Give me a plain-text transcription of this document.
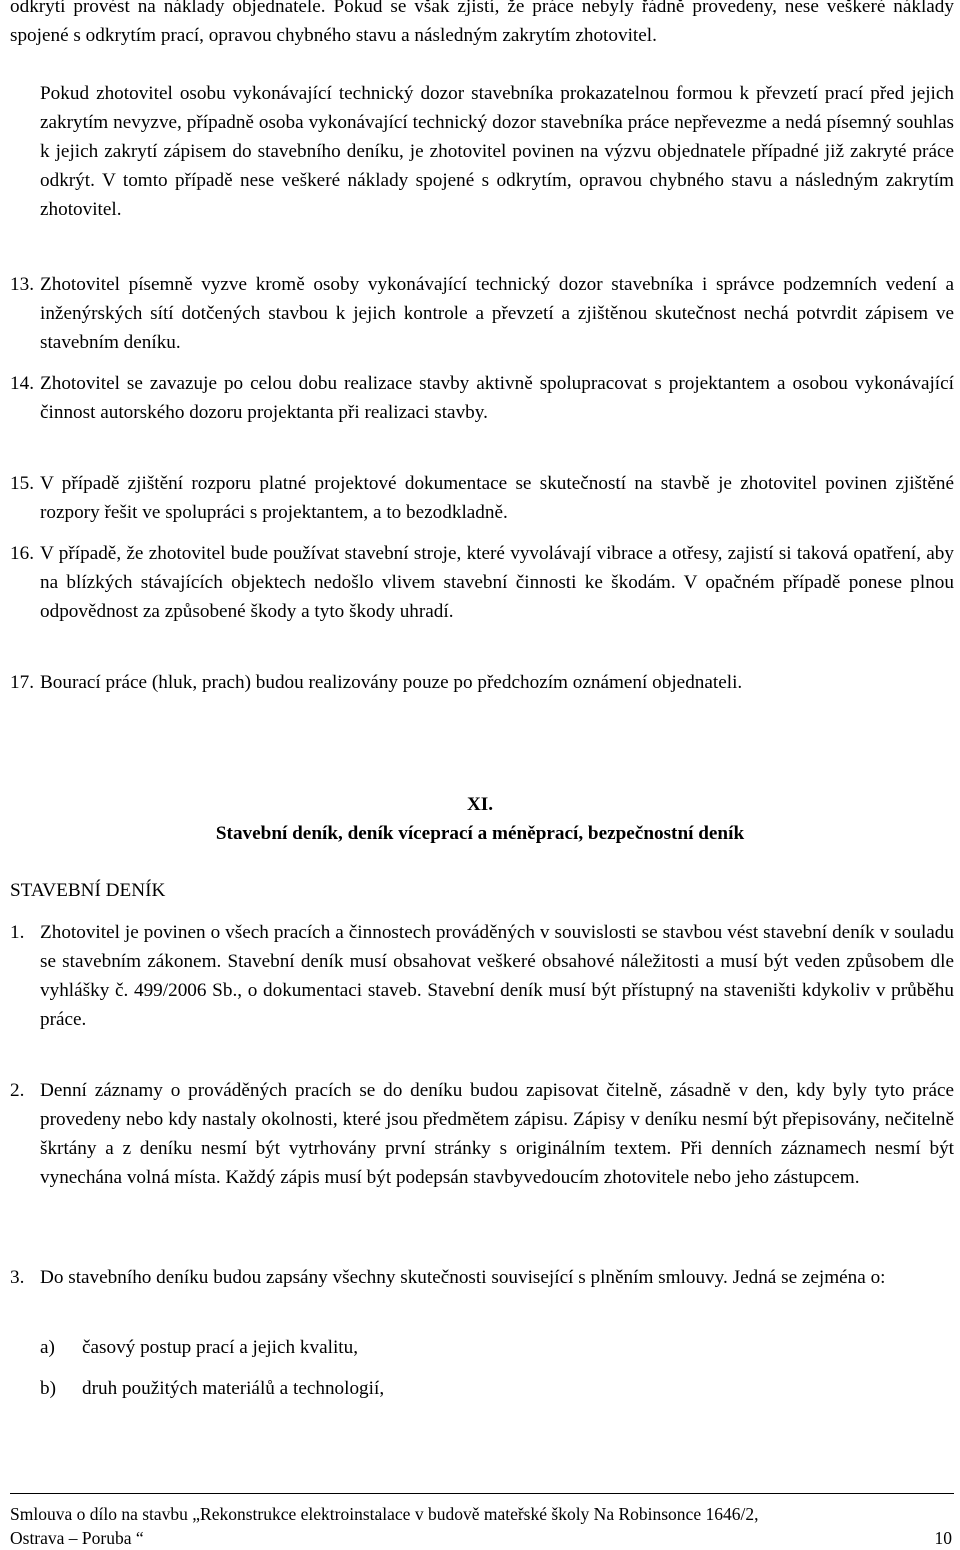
odkrytí provést na náklady objednatele. Pokud se však zjistí, že práce nebyly řádně provedeny, nese veškeré náklady spojené s odkrytím prací, opravou chybného stavu a následným zakrytím zhotovitel.

Pokud zhotovitel osobu vykonávající technický dozor stavebníka prokazatelnou formou k převzetí prací před jejich zakrytím nevyzve, případně osoba vykonávající technický dozor stavebníka práce nepřevezme a nedá písemný souhlas k jejich zakrytí zápisem do stavebního deníku, je zhotovitel povinen na výzvu objednatele případné již zakryté práce odkrýt. V tomto případě nese veškeré náklady spojené s odkrytím, opravou chybného stavu a následným zakrytím zhotovitel.

13. Zhotovitel písemně vyzve kromě osoby vykonávající technický dozor stavebníka i správce podzemních vedení a inženýrských sítí dotčených stavbou k jejich kontrole a převzetí a zjištěnou skutečnost nechá potvrdit zápisem ve stavebním deníku.

14. Zhotovitel se zavazuje po celou dobu realizace stavby aktivně spolupracovat s projektantem a osobou vykonávající činnost autorského dozoru projektanta při realizaci stavby.

15. V případě zjištění rozporu platné projektové dokumentace se skutečností na stavbě je zhotovitel povinen zjištěné rozpory řešit ve spolupráci s projektantem, a to bezodkladně.

16. V případě, že zhotovitel bude používat stavební stroje, které vyvolávají vibrace a otřesy, zajistí si taková opatření, aby na blízkých stávajících objektech nedošlo vlivem stavební činnosti ke škodám. V opačném případě ponese plnou odpovědnost za způsobené škody a tyto škody uhradí.

17. Bourací práce (hluk, prach) budou realizovány pouze po předchozím oznámení objednateli.

XI.

Stavební deník, deník víceprací a méněprací, bezpečnostní deník

STAVEBNÍ DENÍK

1. Zhotovitel je povinen o všech pracích a činnostech prováděných v souvislosti se stavbou vést stavební deník v souladu se stavebním zákonem. Stavební deník musí obsahovat veškeré obsahové náležitosti a musí být veden způsobem dle vyhlášky č. 499/2006 Sb., o dokumentaci staveb. Stavební deník musí být přístupný na staveništi kdykoliv v průběhu práce.

2. Denní záznamy o prováděných pracích se do deníku budou zapisovat čitelně, zásadně v den, kdy byly tyto práce provedeny nebo kdy nastaly okolnosti, které jsou předmětem zápisu. Zápisy v deníku nesmí být přepisovány, nečitelně škrtány a z deníku nesmí být vytrhovány první stránky s originálním textem. Při denních záznamech nesmí být vynechána volná místa. Každý zápis musí být podepsán stavbyvedoucím zhotovitele nebo jeho zástupcem.

3. Do stavebního deníku budou zapsány všechny skutečnosti související s plněním smlouvy. Jedná se zejména o:

a) časový postup prací a jejich kvalitu,

b) druh použitých materiálů a technologií,

Smlouva o dílo na stavbu „Rekonstrukce elektroinstalace v budově mateřské školy Na Robinsonce 1646/2,
Ostrava – Poruba “	10
